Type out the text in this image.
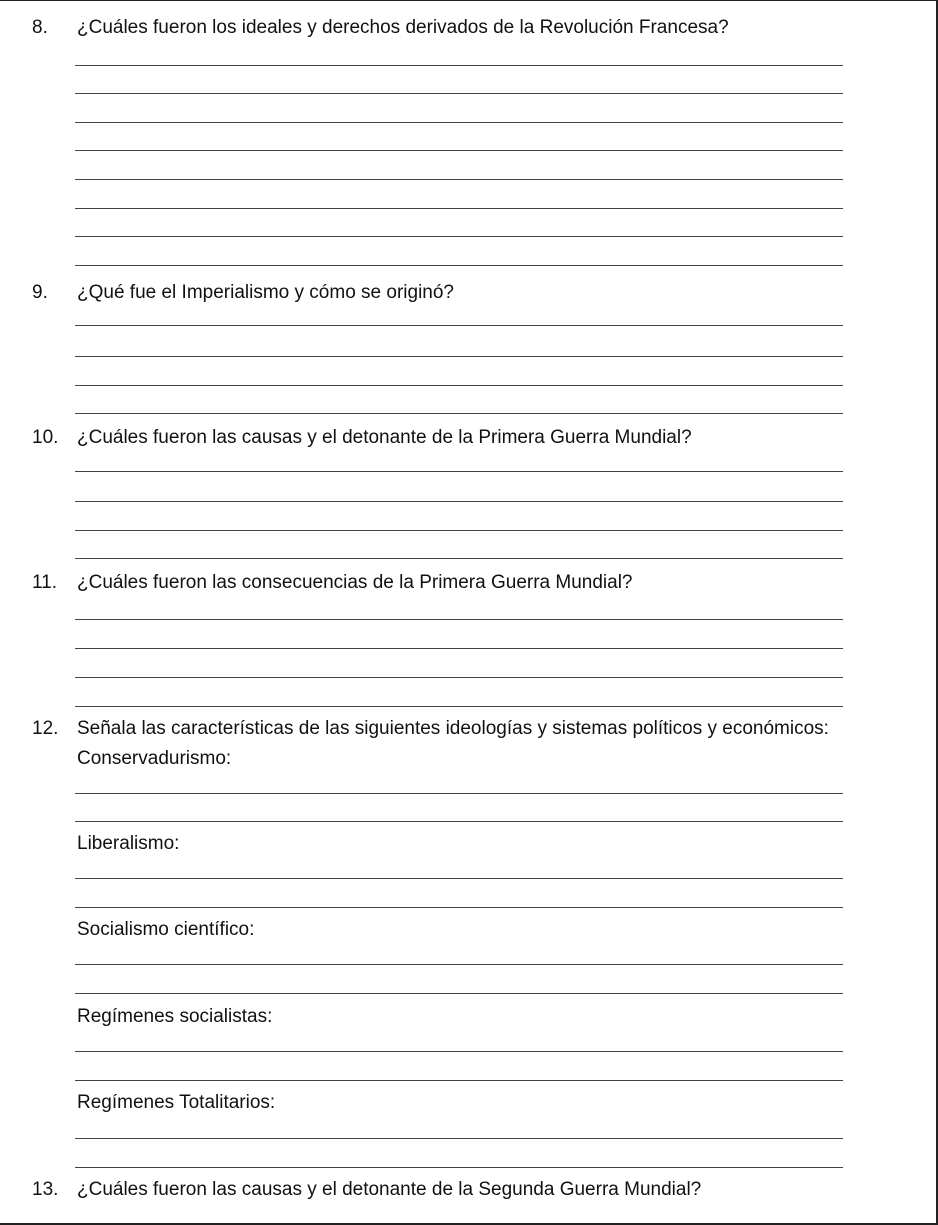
8. ¿Cuáles fueron los ideales y derechos derivados de la Revolución Francesa?
9. ¿Qué fue el Imperialismo y cómo se originó?
10. ¿Cuáles fueron las causas y el detonante de la Primera Guerra Mundial?
11. ¿Cuáles fueron las consecuencias de la Primera Guerra Mundial?
12. Señala las características de las siguientes ideologías y sistemas políticos y económicos:
Conservadurismo:
Liberalismo:
Socialismo científico:
Regímenes socialistas:
Regímenes Totalitarios:
13. ¿Cuáles fueron las causas y el detonante de la Segunda Guerra Mundial?
